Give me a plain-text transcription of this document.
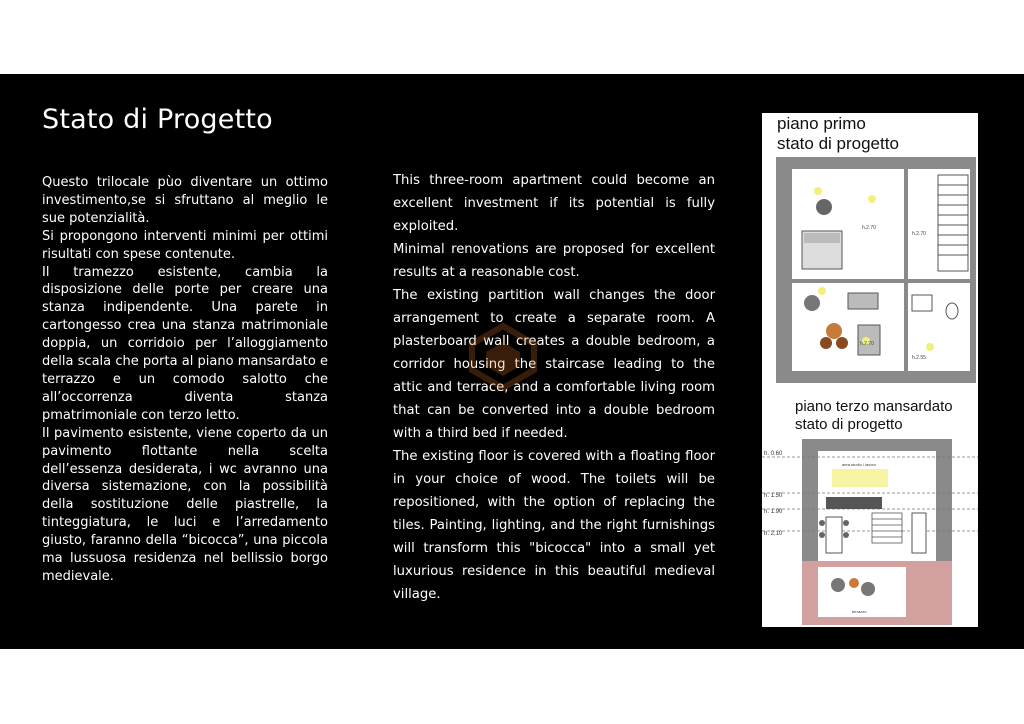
Stato di Progetto

Questo trilocale pùo diventare un ottimo investimento,se si sfruttano al meglio le sue potenzialità.

Si propongono interventi minimi per ottimi risultati con spese contenute.

Il tramezzo esistente, cambia la disposizione delle porte per creare una stanza indipendente. Una parete in cartongesso crea una stanza matrimoniale doppia, un corridoio per l’alloggiamento della scala che porta al piano mansardato e terrazzo e un comodo salotto che all’occorrenza diventa stanza pmatrimoniale con terzo letto.

Il pavimento esistente, viene coperto da un pavimento flottante nella scelta dell’essenza desiderata, i wc avranno una diversa sistemazione, con la possibilità della sostituzione delle piastrelle, la tinteggiatura, le luci e l’arredamento giusto, faranno della “bicocca”, una piccola ma lussuosa residenza nel bellissio borgo medievale.

This three-room apartment could become an excellent investment if its potential is fully exploited.

Minimal renovations are proposed for excellent results at a reasonable cost.

The existing partition wall changes the door arrangement to create a separate room. A plasterboard wall creates a double bedroom, a corridor housing the staircase leading to the attic and terrace, and a comfortable living room that can be converted into a double bedroom with a third bed if needed.

The existing floor is covered with a floating floor in your choice of wood. The toilets will be repositioned, with the option of replacing the tiles. Painting, lighting, and the right furnishings will transform this "bicocca" into a small yet luxurious residence in this beautiful medieval village.

piano primo
stato di progetto
h.2.70
h.2.70
h.2.70
h.2.55
piano terzo mansardato
stato di progetto
h. 0.60
h. 1.50
h. 1.90
h. 2,10
area studio / lavoro
terrazzo
